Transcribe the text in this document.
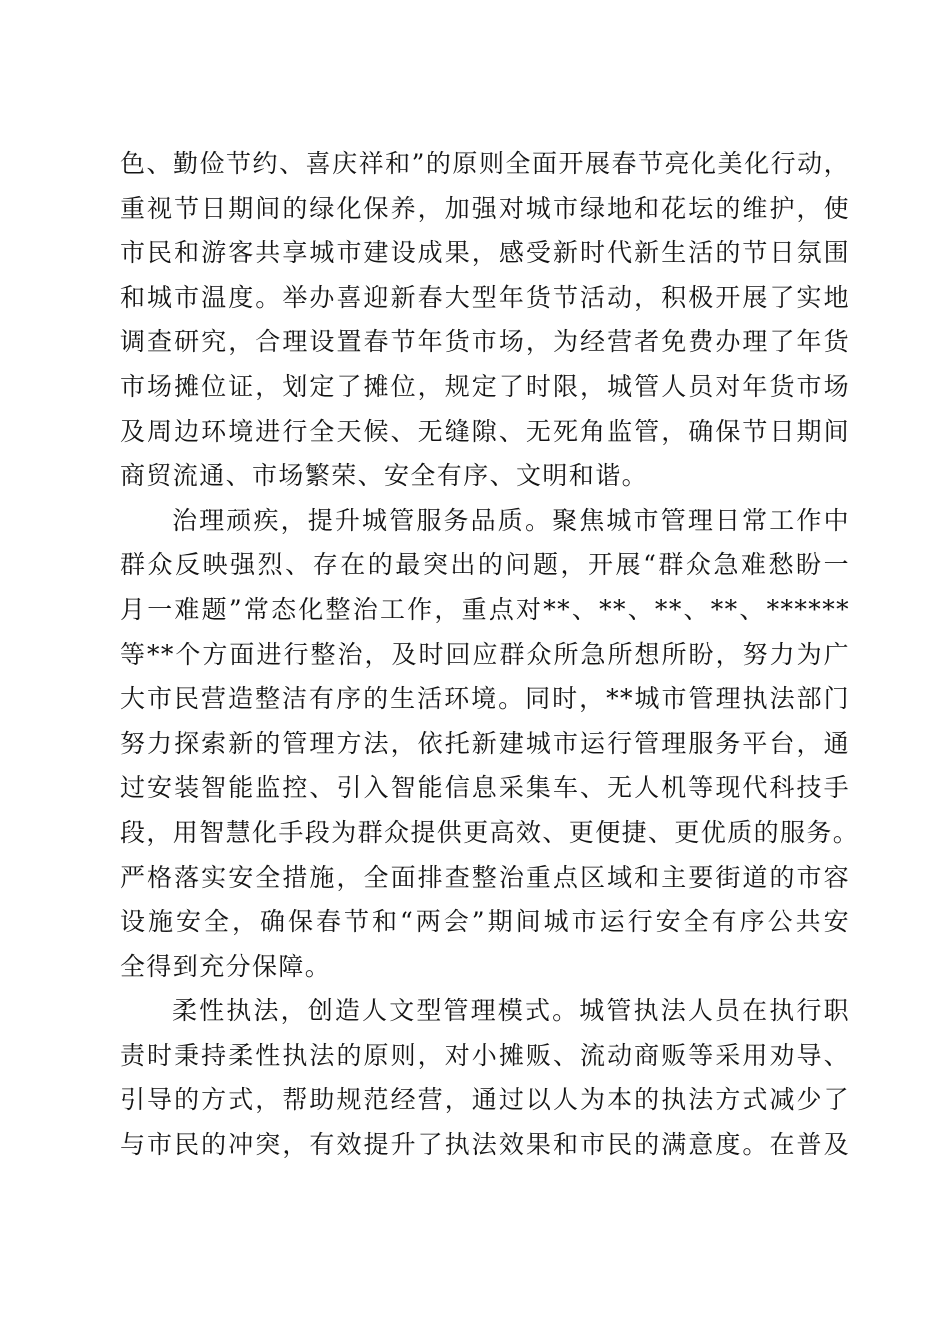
色、勤俭节约、喜庆祥和”的原则全面开展春节亮化美化行动，
重视节日期间的绿化保养，加强对城市绿地和花坛的维护，使
市民和游客共享城市建设成果，感受新时代新生活的节日氛围
和城市温度。举办喜迎新春大型年货节活动，积极开展了实地
调查研究，合理设置春节年货市场，为经营者免费办理了年货
市场摊位证，划定了摊位，规定了时限，城管人员对年货市场
及周边环境进行全天候、无缝隙、无死角监管，确保节日期间
商贸流通、市场繁荣、安全有序、文明和谐。
治理顽疾，提升城管服务品质。聚焦城市管理日常工作中
群众反映强烈、存在的最突出的问题，开展“群众急难愁盼一
月一难题”常态化整治工作，重点对**、**、**、**、******
等**个方面进行整治，及时回应群众所急所想所盼，努力为广
大市民营造整洁有序的生活环境。同时，**城市管理执法部门
努力探索新的管理方法，依托新建城市运行管理服务平台，通
过安装智能监控、引入智能信息采集车、无人机等现代科技手
段，用智慧化手段为群众提供更高效、更便捷、更优质的服务。
严格落实安全措施，全面排查整治重点区域和主要街道的市容
设施安全，确保春节和“两会”期间城市运行安全有序公共安
全得到充分保障。
柔性执法，创造人文型管理模式。城管执法人员在执行职
责时秉持柔性执法的原则，对小摊贩、流动商贩等采用劝导、
引导的方式，帮助规范经营，通过以人为本的执法方式减少了
与市民的冲突，有效提升了执法效果和市民的满意度。在普及
